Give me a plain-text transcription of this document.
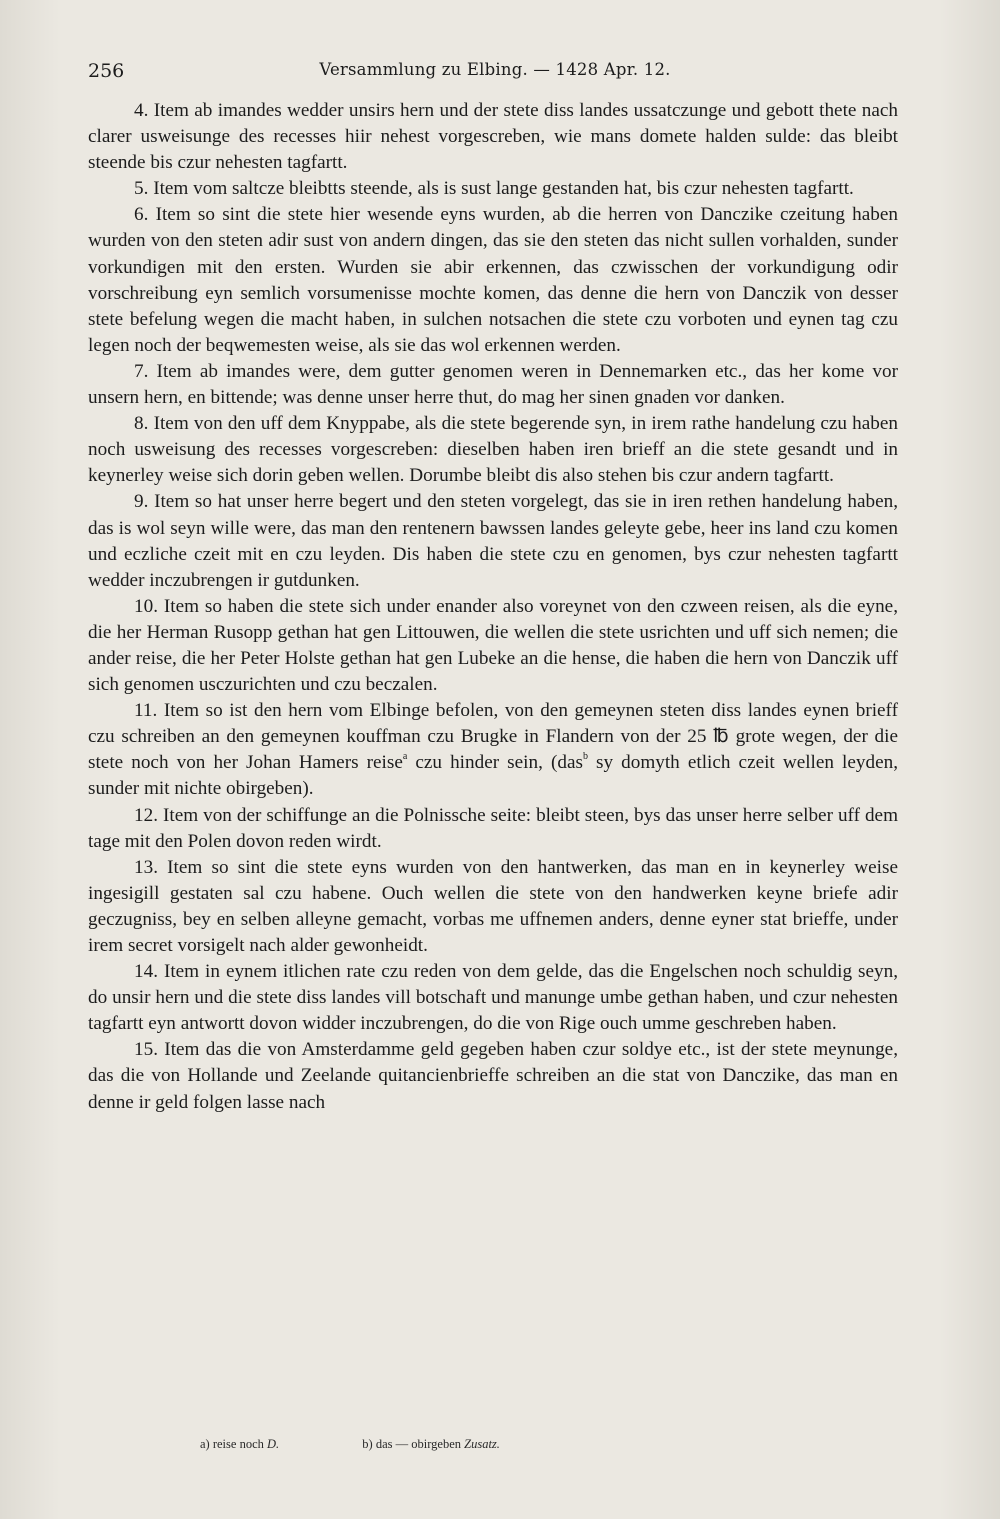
256	Versammlung zu Elbing. — 1428 Apr. 12.

4. Item ab imandes wedder unsirs hern und der stete diss landes ussatczunge und gebott thete nach clarer usweisunge des recesses hiir nehest vorgescreben, wie mans domete halden sulde: das bleibt steende bis czur nehesten tagfartt.

5. Item vom saltcze bleibtts steende, als is sust lange gestanden hat, bis czur nehesten tagfartt.

6. Item so sint die stete hier wesende eyns wurden, ab die herren von Danczike czeitung haben wurden von den steten adir sust von andern dingen, das sie den steten das nicht sullen vorhalden, sunder vorkundigen mit den ersten. Wurden sie abir erkennen, das czwisschen der vorkundigung odir vorschreibung eyn semlich vorsumenisse mochte komen, das denne die hern von Danczik von desser stete befelung wegen die macht haben, in sulchen notsachen die stete czu vorboten und eynen tag czu legen noch der beqwemesten weise, als sie das wol erkennen werden.

7. Item ab imandes were, dem gutter genomen weren in Dennemarken etc., das her kome vor unsern hern, en bittende; was denne unser herre thut, do mag her sinen gnaden vor danken.

8. Item von den uff dem Knyppabe, als die stete begerende syn, in irem rathe handelung czu haben noch usweisung des recesses vorgescreben: dieselben haben iren brieff an die stete gesandt und in keynerley weise sich dorin geben wellen. Dorumbe bleibt dis also stehen bis czur andern tagfartt.

9. Item so hat unser herre begert und den steten vorgelegt, das sie in iren rethen handelung haben, das is wol seyn wille were, das man den rentenern bawssen landes geleyte gebe, heer ins land czu komen und eczliche czeit mit en czu leyden. Dis haben die stete czu en genomen, bys czur nehesten tagfartt wedder inczubrengen ir gutdunken.

10. Item so haben die stete sich under enander also voreynet von den czween reisen, als die eyne, die her Herman Rusopp gethan hat gen Littouwen, die wellen die stete usrichten und uff sich nemen; die ander reise, die her Peter Holste gethan hat gen Lubeke an die hense, die haben die hern von Danczik uff sich genomen usczurichten und czu beczalen.

11. Item so ist den hern vom Elbinge befolen, von den gemeynen steten diss landes eynen brieff czu schreiben an den gemeynen kouffman czu Brugke in Flandern von der 25 ℔ grote wegen, der die stete noch von her Johan Hamers reise$^a$ czu hinder sein, (das$^b$ sy domyth etlich czeit wellen leyden, sunder mit nichte obirgeben).

12. Item von der schiffunge an die Polnissche seite: bleibt steen, bys das unser herre selber uff dem tage mit den Polen dovon reden wirdt.

13. Item so sint die stete eyns wurden von den hantwerken, das man en in keynerley weise ingesigill gestaten sal czu habene. Ouch wellen die stete von den handwerken keyne briefe adir geczugniss, bey en selben alleyne gemacht, vorbas me uffnemen anders, denne eyner stat brieffe, under irem secret vorsigelt nach alder gewonheidt.

14. Item in eynem itlichen rate czu reden von dem gelde, das die Engelschen noch schuldig seyn, do unsir hern und die stete diss landes vill botschaft und manunge umbe gethan haben, und czur nehesten tagfartt eyn antwortt dovon widder inczubrengen, do die von Rige ouch umme geschreben haben.

15. Item das die von Amsterdamme geld gegeben haben czur soldye etc., ist der stete meynunge, das die von Hollande und Zeelande quitancienbrieffe schreiben an die stat von Danczike, das man en denne ir geld folgen lasse nach

a) reise noch D.	b) das — obirgeben Zusatz.
